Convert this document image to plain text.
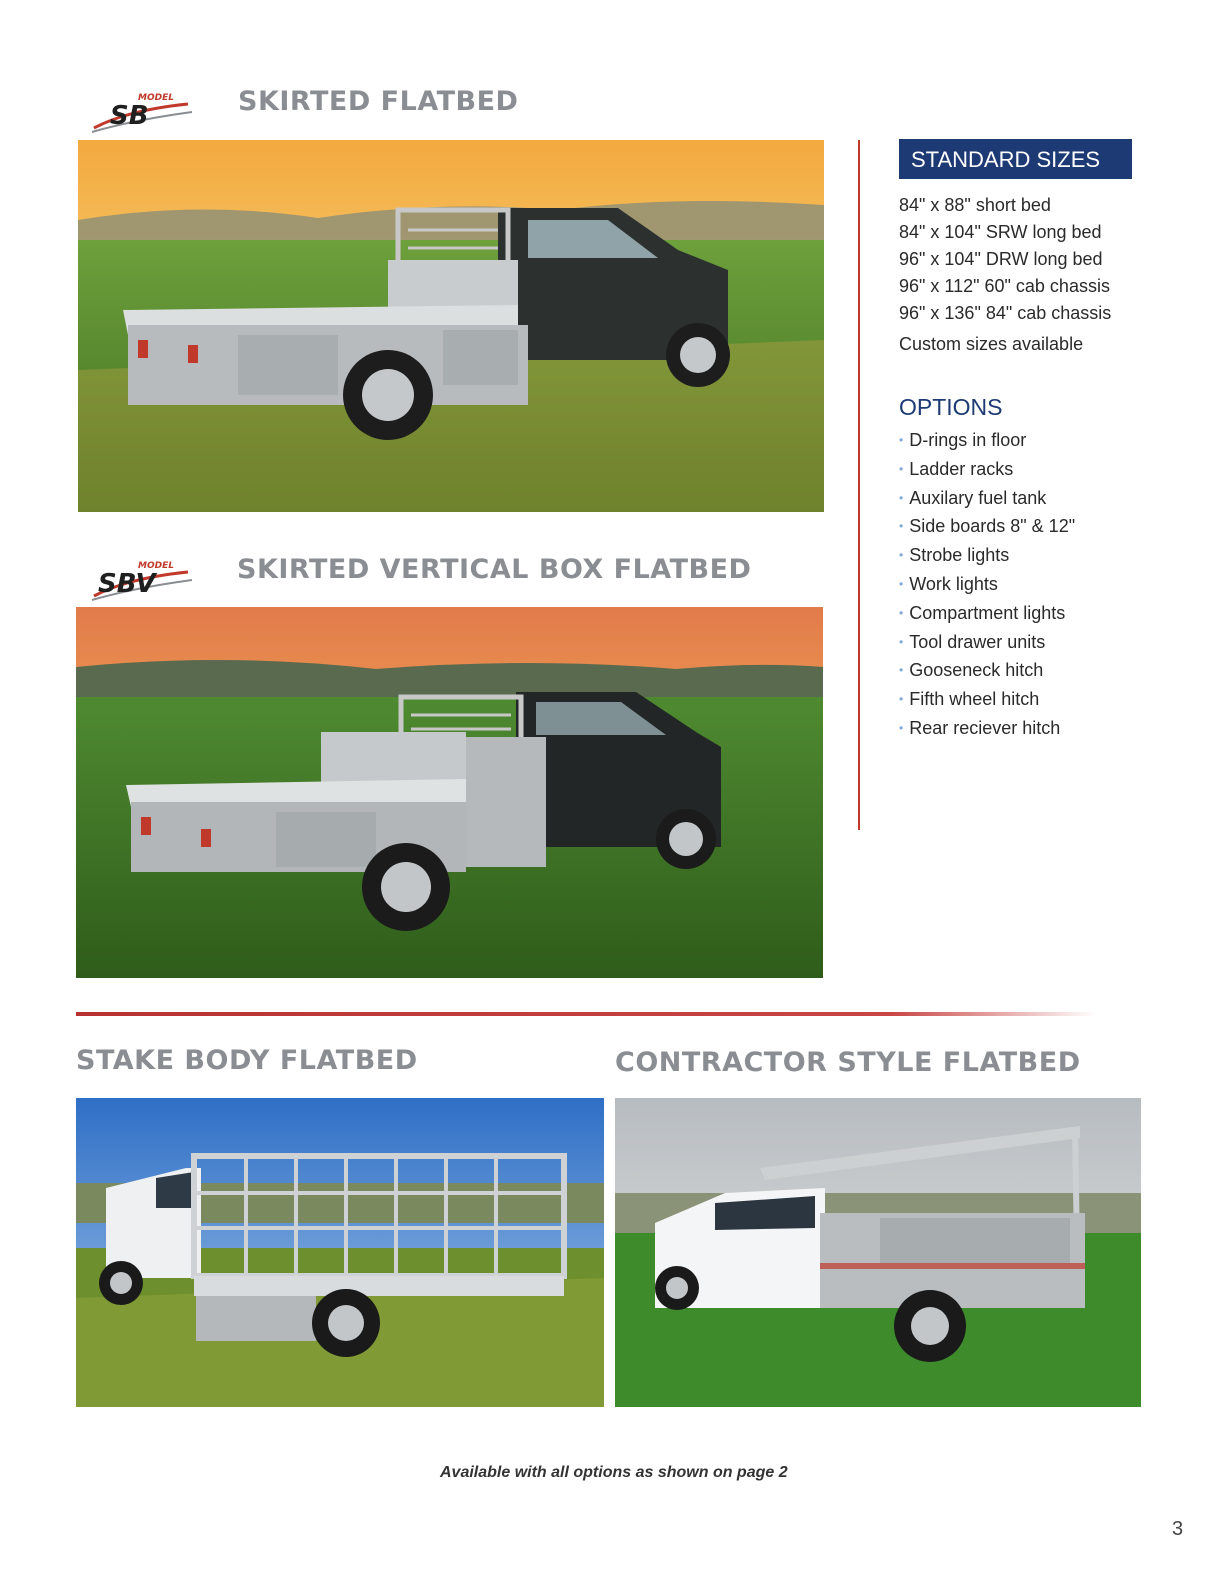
MODEL
SB	SKIRTED FLATBED
MODEL
SBV	SKIRTED VERTICAL BOX FLATBED
STANDARD SIZES
84" x 88" short bed
84" x 104" SRW long bed
96" x 104" DRW long bed
96" x 112" 60" cab chassis
96" x 136" 84" cab chassis
Custom sizes available
OPTIONS
• D-rings in floor
• Ladder racks
• Auxilary fuel tank
• Side boards 8" & 12"
• Strobe lights
• Work lights
• Compartment lights
• Tool drawer units
• Gooseneck hitch
• Fifth wheel hitch
• Rear reciever hitch
STAKE BODY FLATBED	CONTRACTOR STYLE FLATBED
Available with all options as shown on page 2
3
